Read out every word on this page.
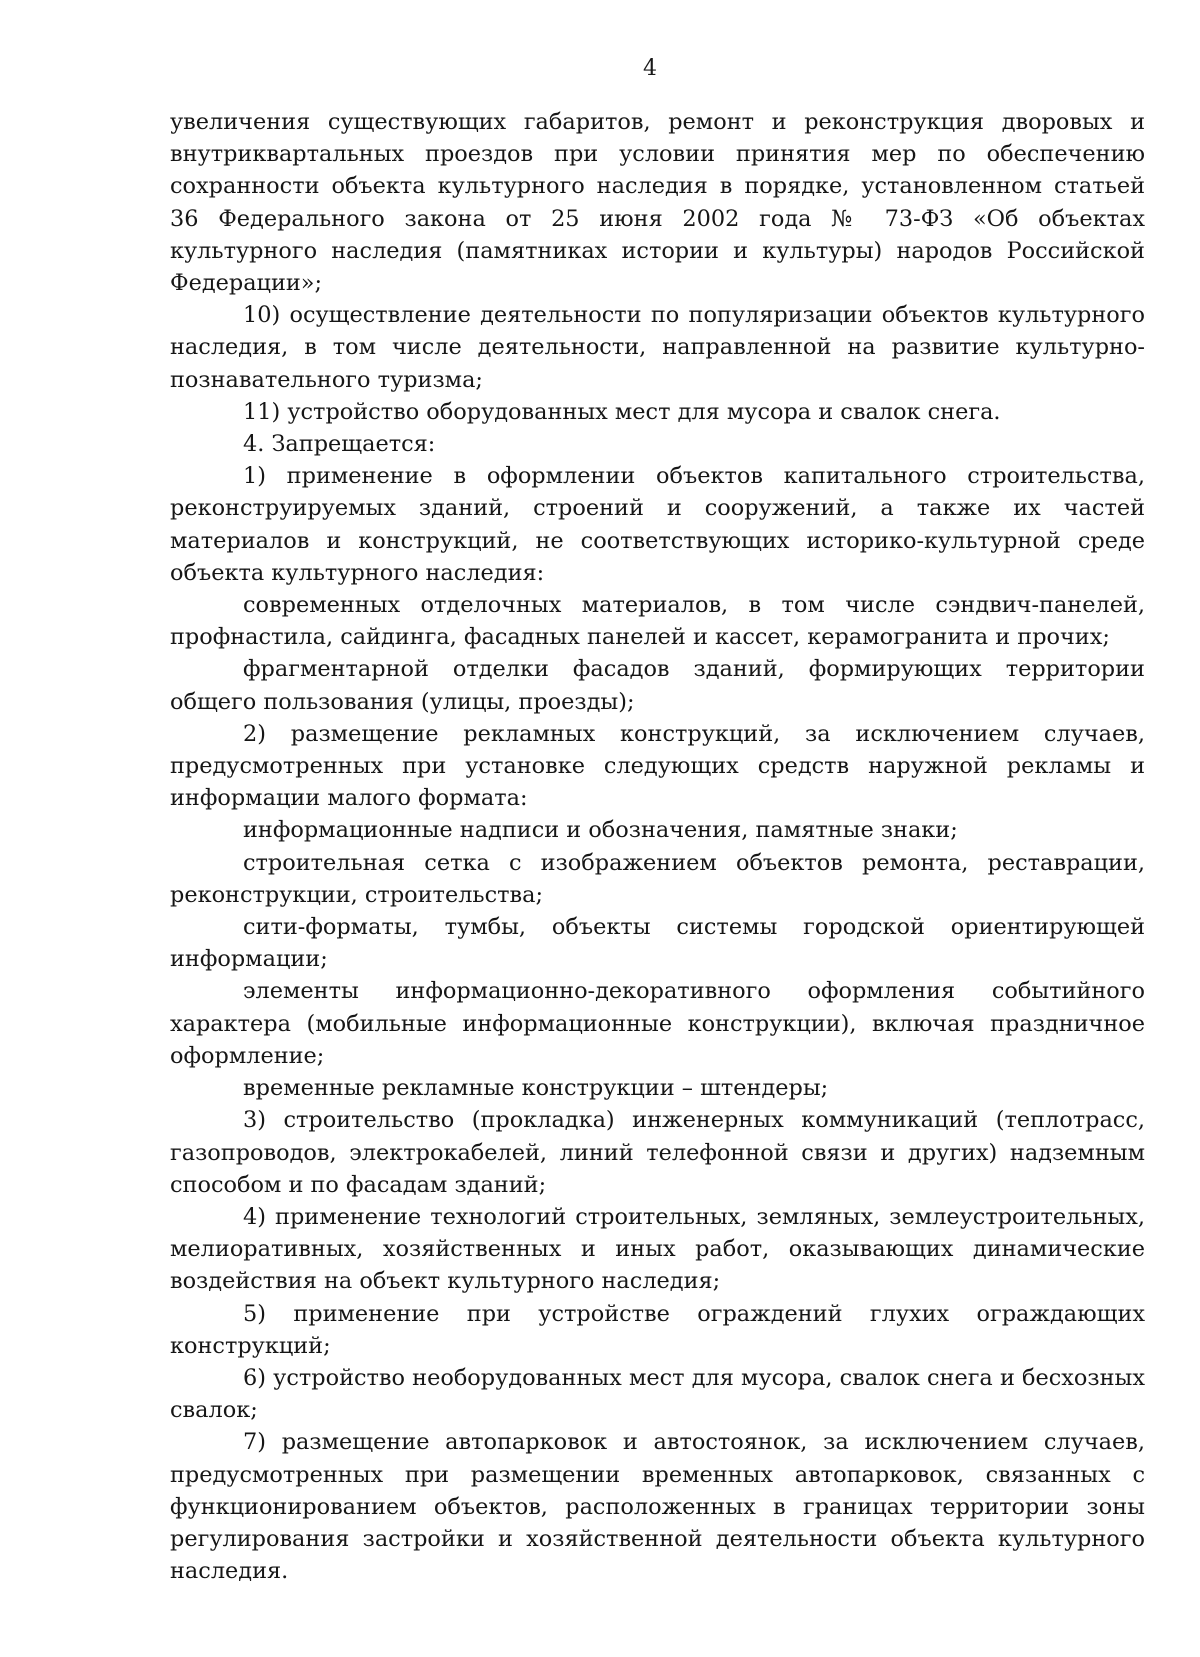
4

увеличения существующих габаритов, ремонт и реконструкция дворовых и внутриквартальных проездов при условии принятия мер по обеспечению сохранности объекта культурного наследия в порядке, установленном статьей 36 Федерального закона от 25 июня 2002 года № 73-ФЗ «Об объектах культурного наследия (памятниках истории и культуры) народов Российской Федерации»;

10) осуществление деятельности по популяризации объектов культурного наследия, в том числе деятельности, направленной на развитие культурно-познавательного туризма;

11) устройство оборудованных мест для мусора и свалок снега.

4. Запрещается:

1) применение в оформлении объектов капитального строительства, реконструируемых зданий, строений и сооружений, а также их частей материалов и конструкций, не соответствующих историко-культурной среде объекта культурного наследия:

современных отделочных материалов, в том числе сэндвич-панелей, профнастила, сайдинга, фасадных панелей и кассет, керамогранита и прочих;

фрагментарной отделки фасадов зданий, формирующих территории общего пользования (улицы, проезды);

2) размещение рекламных конструкций, за исключением случаев, предусмотренных при установке следующих средств наружной рекламы и информации малого формата:

информационные надписи и обозначения, памятные знаки;

строительная сетка с изображением объектов ремонта, реставрации, реконструкции, строительства;

сити-форматы, тумбы, объекты системы городской ориентирующей информации;

элементы информационно-декоративного оформления событийного характера (мобильные информационные конструкции), включая праздничное оформление;

временные рекламные конструкции – штендеры;

3) строительство (прокладка) инженерных коммуникаций (теплотрасс, газопроводов, электрокабелей, линий телефонной связи и других) надземным способом и по фасадам зданий;

4) применение технологий строительных, земляных, землеустроительных, мелиоративных, хозяйственных и иных работ, оказывающих динамические воздействия на объект культурного наследия;

5) применение при устройстве ограждений глухих ограждающих конструкций;

6) устройство необорудованных мест для мусора, свалок снега и бесхозных свалок;

7) размещение автопарковок и автостоянок, за исключением случаев, предусмотренных при размещении временных автопарковок, связанных с функционированием объектов, расположенных в границах территории зоны регулирования застройки и хозяйственной деятельности объекта культурного наследия.
